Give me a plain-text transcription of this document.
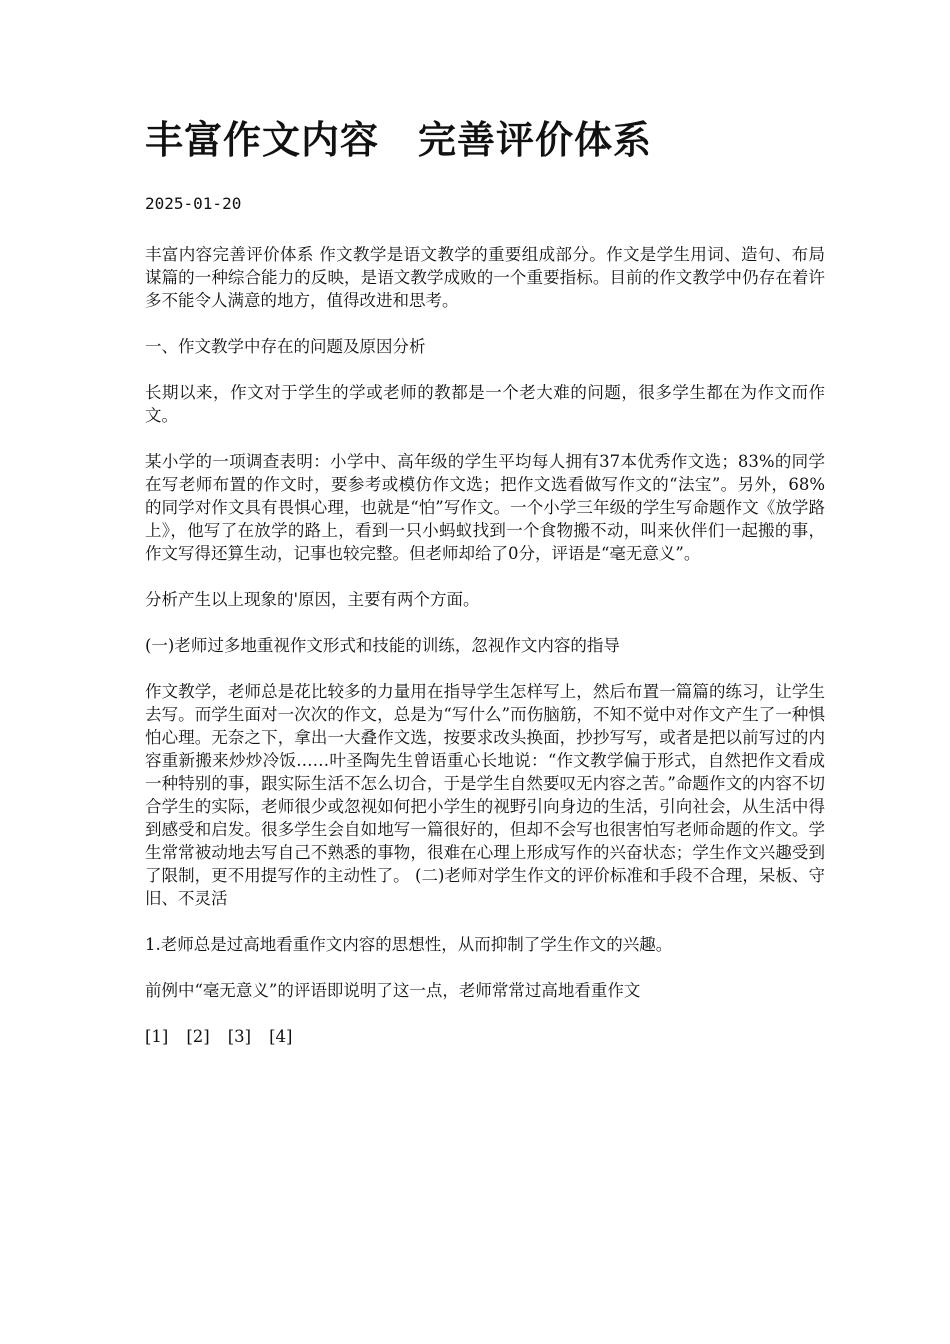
丰富作文内容　完善评价体系
2025-01-20

丰富内容完善评价体系 作文教学是语文教学的重要组成部分。作文是学生用词、造句、布局谋篇的一种综合能力的反映，是语文教学成败的一个重要指标。目前的作文教学中仍存在着许多不能令人满意的地方，值得改进和思考。

一、作文教学中存在的问题及原因分析

长期以来，作文对于学生的学或老师的教都是一个老大难的问题，很多学生都在为作文而作文。

某小学的一项调查表明：小学中、高年级的学生平均每人拥有37本优秀作文选；83%的同学在写老师布置的作文时，要参考或模仿作文选；把作文选看做写作文的“法宝”。另外，68%的同学对作文具有畏惧心理，也就是“怕”写作文。一个小学三年级的学生写命题作文《放学路上》，他写了在放学的路上，看到一只小蚂蚁找到一个食物搬不动，叫来伙伴们一起搬的事，作文写得还算生动，记事也较完整。但老师却给了0分，评语是“毫无意义”。

分析产生以上现象的'原因，主要有两个方面。

(一)老师过多地重视作文形式和技能的训练，忽视作文内容的指导

作文教学，老师总是花比较多的力量用在指导学生怎样写上，然后布置一篇篇的练习，让学生去写。而学生面对一次次的作文，总是为“写什么”而伤脑筋，不知不觉中对作文产生了一种惧怕心理。无奈之下，拿出一大叠作文选，按要求改头换面，抄抄写写，或者是把以前写过的内容重新搬来炒炒冷饭……叶圣陶先生曾语重心长地说：“作文教学偏于形式，自然把作文看成一种特别的事，跟实际生活不怎么切合，于是学生自然要叹无内容之苦。”命题作文的内容不切合学生的实际，老师很少或忽视如何把小学生的视野引向身边的生活，引向社会，从生活中得到感受和启发。很多学生会自如地写一篇很好的，但却不会写也很害怕写老师命题的作文。学生常常被动地去写自己不熟悉的事物，很难在心理上形成写作的兴奋状态；学生作文兴趣受到了限制，更不用提写作的主动性了。 (二)老师对学生作文的评价标准和手段不合理，呆板、守旧、不灵活

1.老师总是过高地看重作文内容的思想性，从而抑制了学生作文的兴趣。

前例中“毫无意义”的评语即说明了这一点，老师常常过高地看重作文

[1] [2] [3] [4]
